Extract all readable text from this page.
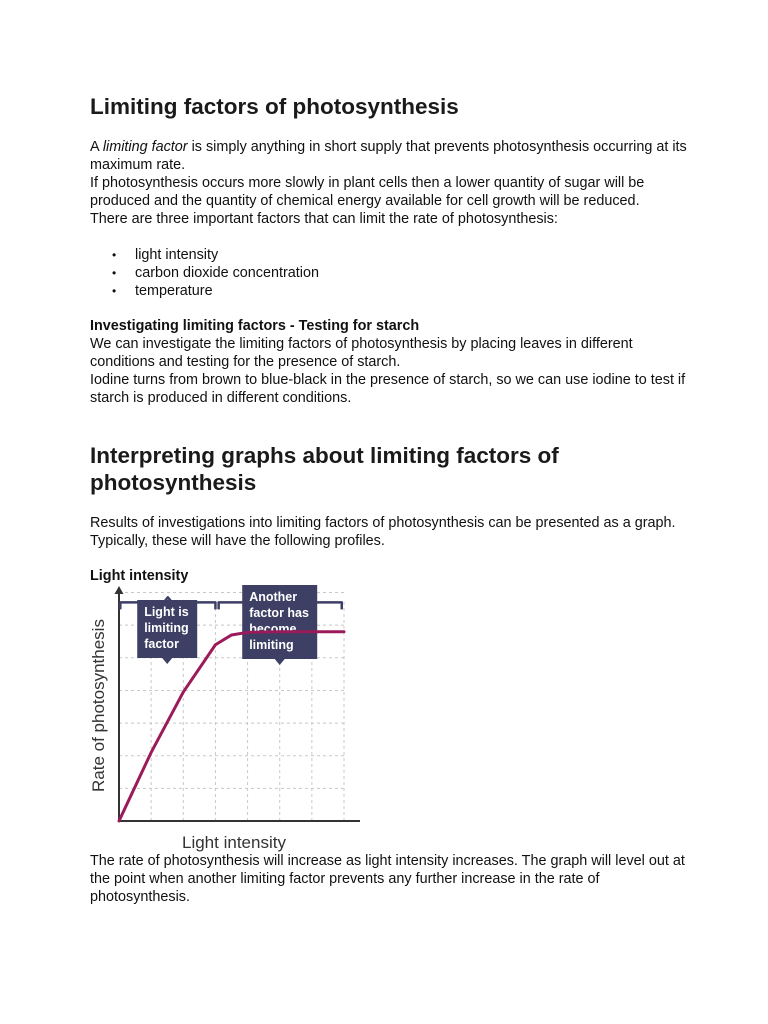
Limiting factors of photosynthesis

A limiting factor is simply anything in short supply that prevents photosynthesis occurring at its maximum rate.

If photosynthesis occurs more slowly in plant cells then a lower quantity of sugar will be produced and the quantity of chemical energy available for cell growth will be reduced.

There are three important factors that can limit the rate of photosynthesis:

• light intensity
• carbon dioxide concentration
• temperature

Investigating limiting factors - Testing for starch

We can investigate the limiting factors of photosynthesis by placing leaves in different conditions and testing for the presence of starch.

Iodine turns from brown to blue-black in the presence of starch, so we can use iodine to test if starch is produced in different conditions.

Interpreting graphs about limiting factors of photosynthesis

Results of investigations into limiting factors of photosynthesis can be presented as a graph. Typically, these will have the following profiles.

Light intensity

The rate of photosynthesis will increase as light intensity increases. The graph will level out at the point when another limiting factor prevents any further increase in the rate of photosynthesis.

Light is
limiting
factor
Another
factor has
become
limiting
Light intensity
Rate of photosynthesis
